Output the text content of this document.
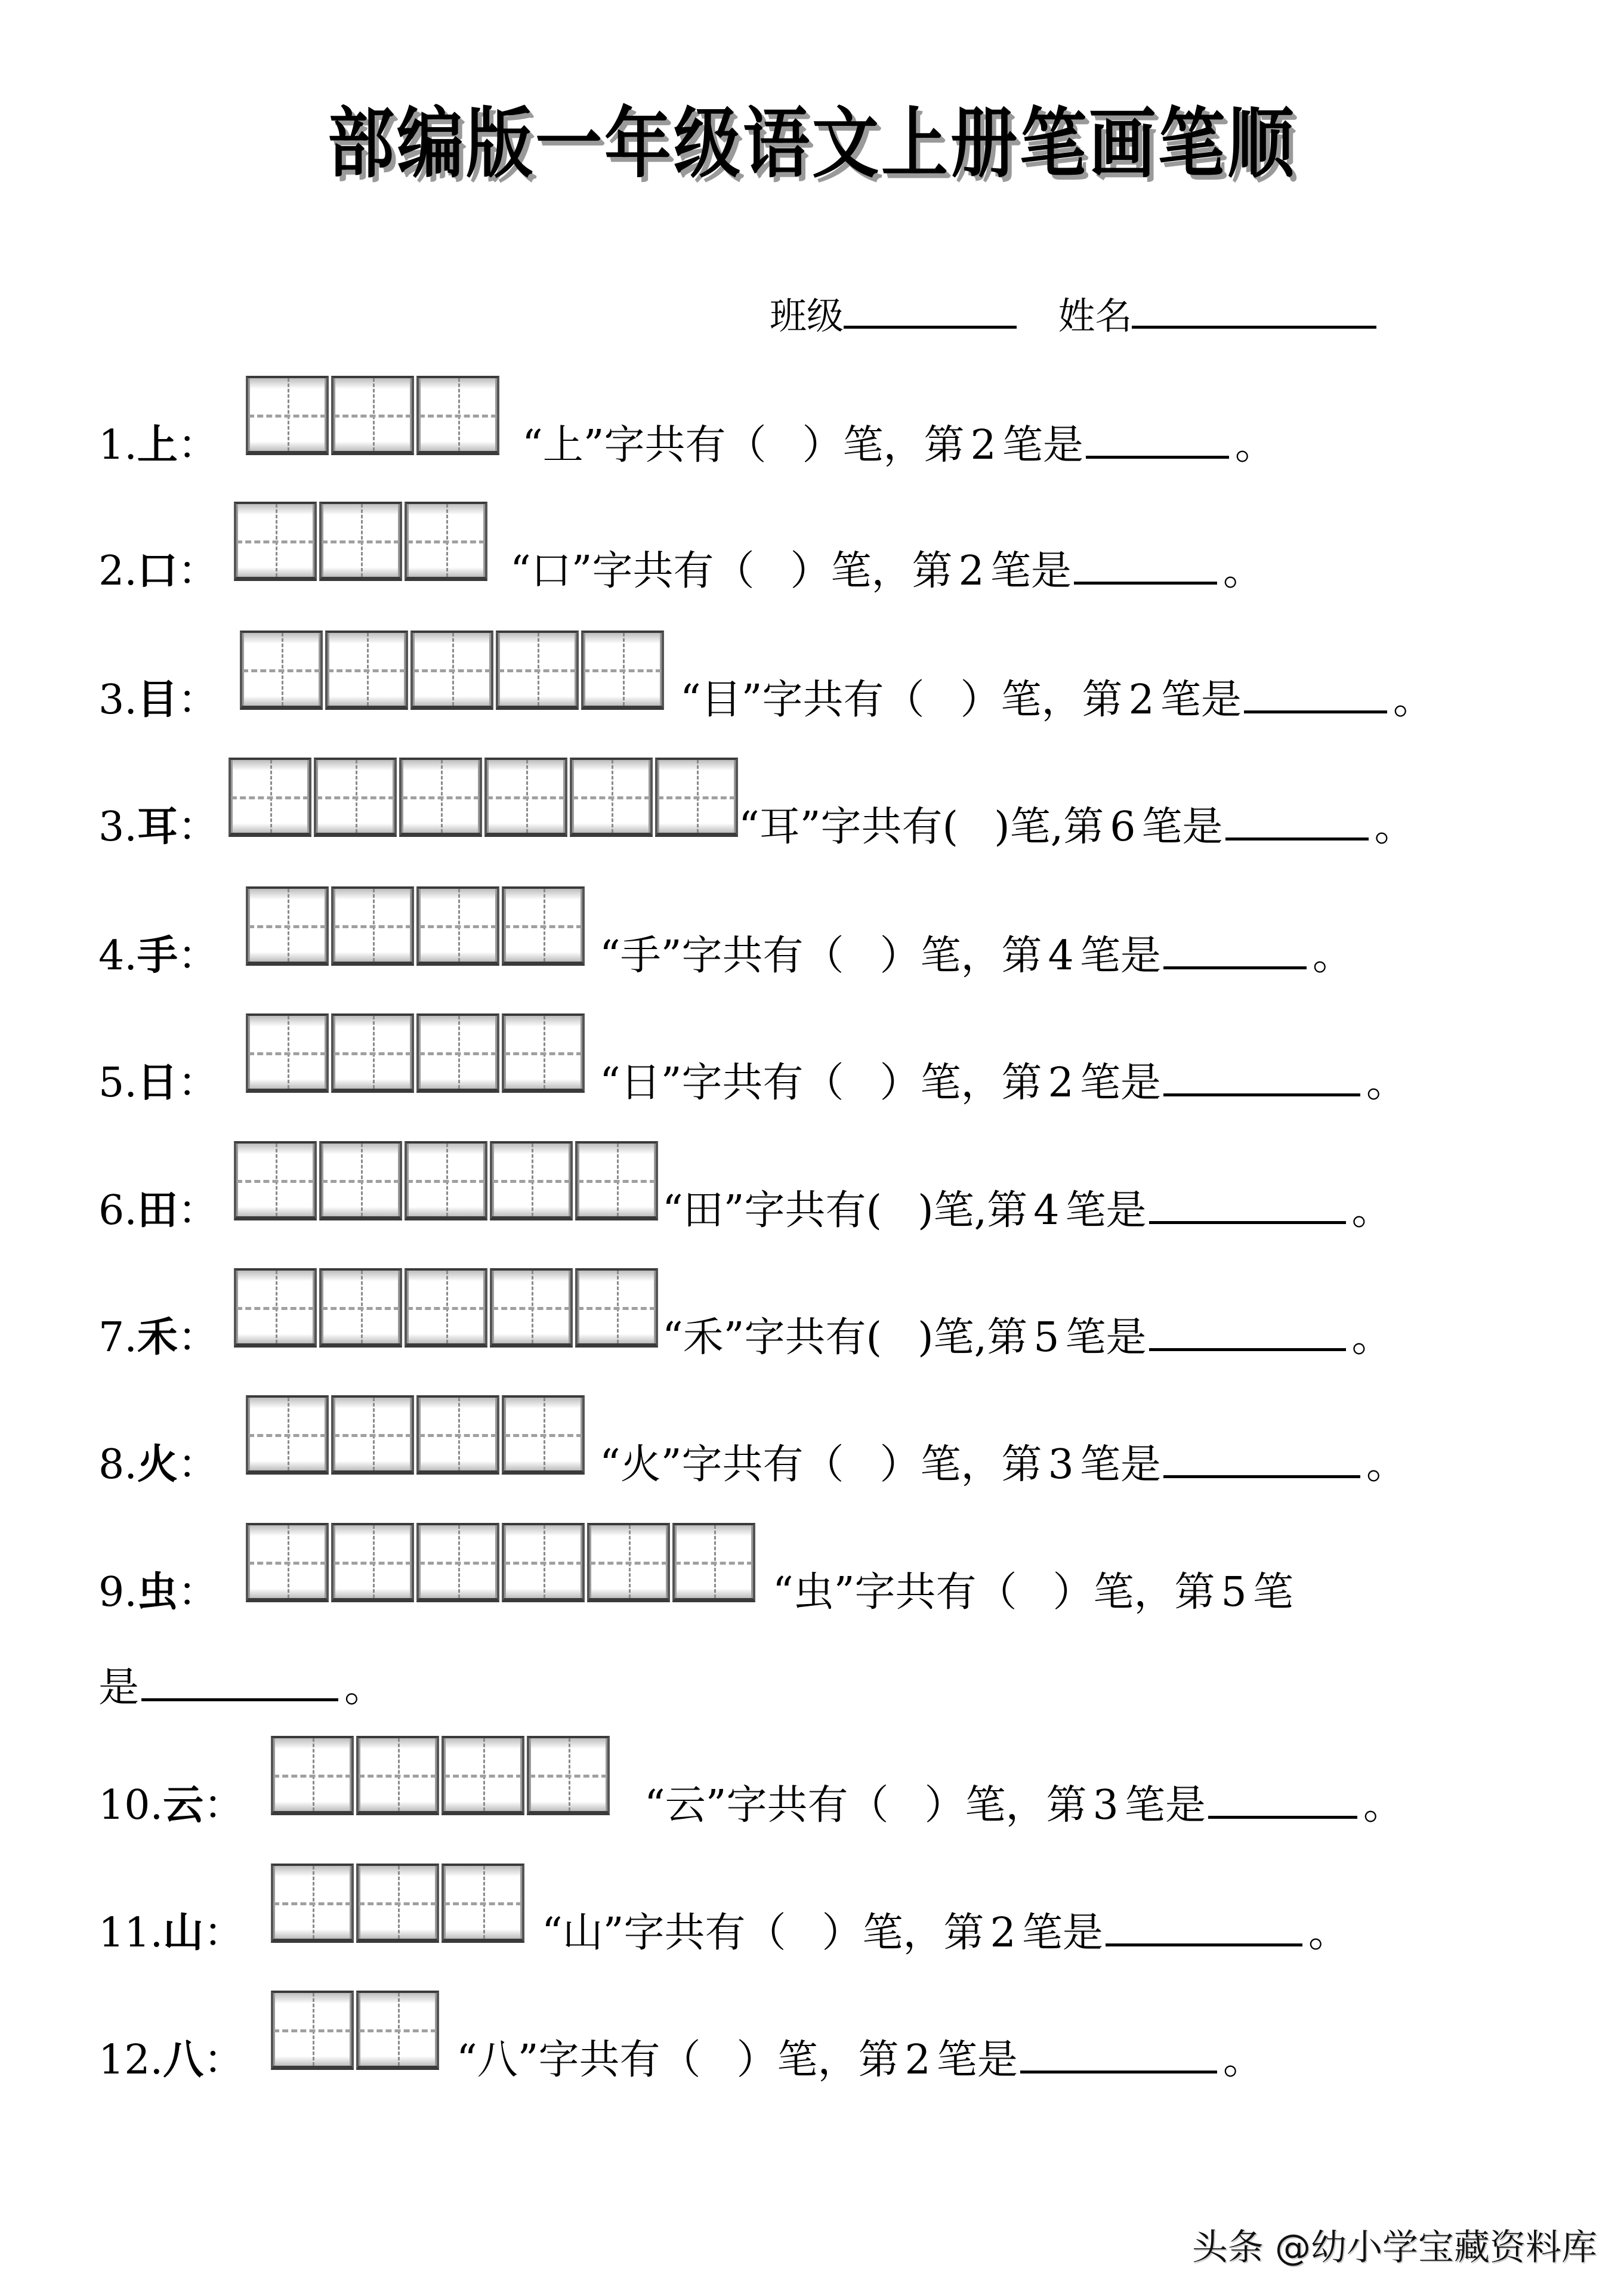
部编版一年级语文上册笔画笔顺
班级	姓名
1.上：	“上”字共有（ ）笔，第 2 笔是	。
2.口：	“口”字共有（ ）笔，第 2 笔是	。
3.目：	“目”字共有（ ）笔，第 2 笔是	。
3.耳：	“耳”字共有( )笔,第 6 笔是	。
4.手：	“手”字共有（ ）笔，第 4 笔是	。
5.日：	“日”字共有（ ）笔，第 2 笔是	。
6.田：	“田”字共有( )笔,第 4 笔是	。
7.禾：	“禾”字共有( )笔,第 5 笔是	。
8.火：	“火”字共有（ ）笔，第 3 笔是	。
9.虫：	“虫”字共有（ ）笔，第 5 笔
是	。
10.云：	“云”字共有（ ）笔，第 3 笔是	。
11.山：	“山”字共有（ ）笔，第 2 笔是	。
12.八：	“八”字共有（ ）笔，第 2 笔是	。
头条 @幼小学宝藏资料库
